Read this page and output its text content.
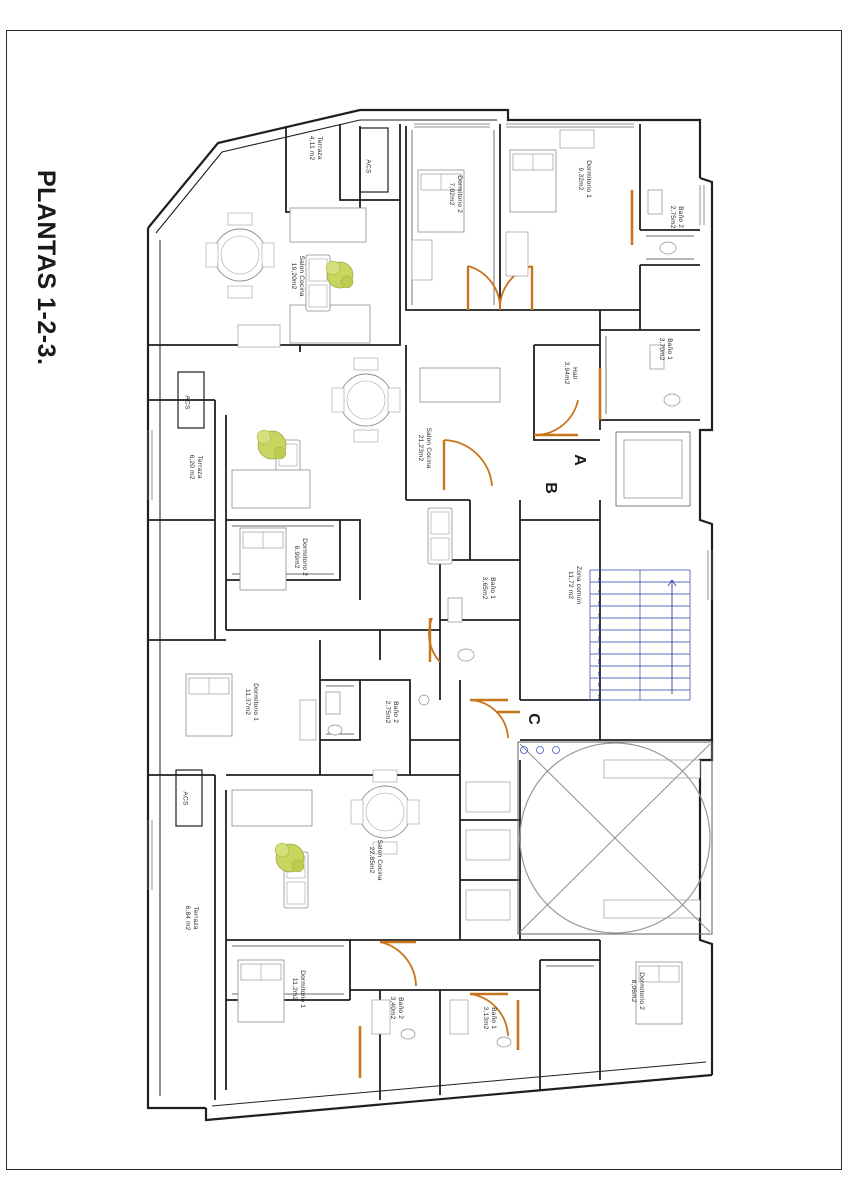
PLANTAS 1-2-3.
Terraza
4,11 m2
Dormitorio 2
7,02m2	Dormitorio 1
9,32m2
Baño 2
2,75m2
Salon Cocina
19,20m2
Baño 1
3,70m2
Hall
3,94m2
Terraza
6,20 m2	Salon Cocina
21,23m2
Dormitorio 2
6,99m2
Baño 1
3,65m2	Zona común
11,72 m2
Dormitorio 1
11,37m2	Baño 2
2,75m2
Terraza
6,84 m2
Salon Cocina
22,85m2
Dormitorio 1
11,2m2
Baño 2
3,40m2	Baño 1
3,13m2
Dormitorio 2
8,06m2
ACS
ACS
ACS
A
B
C
20
19
18
17
16
15
14
13
12
11
10
